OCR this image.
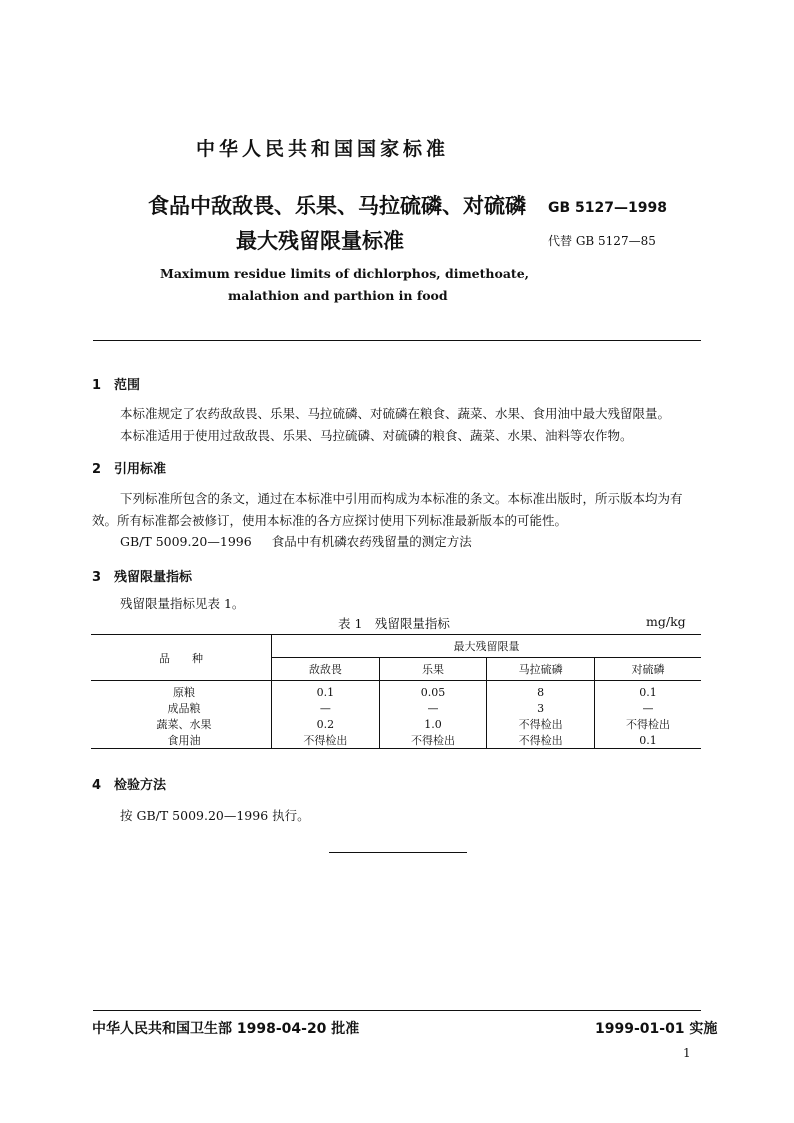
中华人民共和国国家标准
食品中敌敌畏、乐果、马拉硫磷、对硫磷
最大残留限量标准
GB 5127—1998
代替 GB 5127—85
Maximum residue limits of dichlorphos, dimethoate,
malathion and parthion in food
1 范围
本标准规定了农药敌敌畏、乐果、马拉硫磷、对硫磷在粮食、蔬菜、水果、食用油中最大残留限量。
本标准适用于使用过敌敌畏、乐果、马拉硫磷、对硫磷的粮食、蔬菜、水果、油料等农作物。
2 引用标准

下列标准所包含的条文，通过在本标准中引用而构成为本标准的条文。本标准出版时，所示版本均为有效。所有标准都会被修订，使用本标准的各方应探讨使用下列标准最新版本的可能性。

GB/T 5009.20—1996 食品中有机磷农药残留量的测定方法
3 残留限量指标
残留限量指标见表 1。
表 1　残留限量指标	mg/kg
品　　种	最大残留限量			
	敌敌畏	乐果	马拉硫磷	对硫磷
原粮	0.1	0.05	8	0.1
成品粮	—	—	3	—
蔬菜、水果	0.2	1.0	不得检出	不得检出
食用油	不得检出	不得检出	不得检出	0.1
4 检验方法
按 GB/T 5009.20—1996 执行。
中华人民共和国卫生部 1998-04-20 批准	1999-01-01 实施
1
